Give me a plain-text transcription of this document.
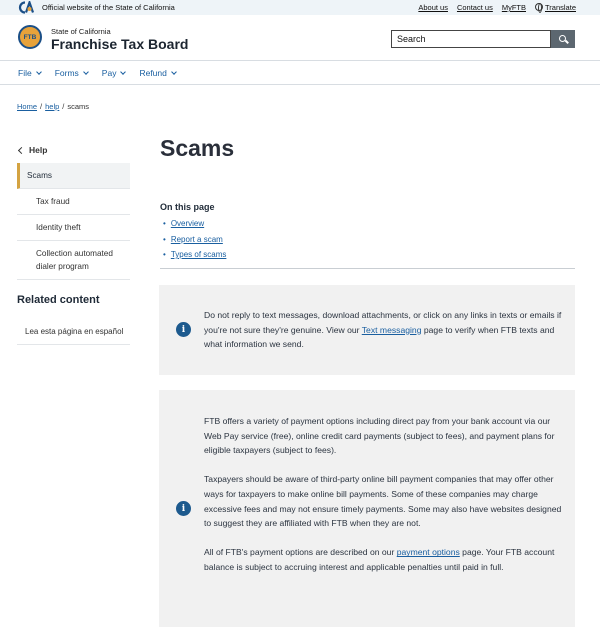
Official website of the State of California	About us Contact us MyFTB	Translate
FTB
State of California
Franchise Tax Board
Search
File	Forms	Pay	Refund
Home / help / scams
Help
Scams
Tax fraud
Identity theft
Collection automated dialer program
Related content
Lea esta página en español
Scams
On this page
• Overview
• Report a scam
• Types of scams
i
Do not reply to text messages, download attachments, or click on any links in texts or emails if you're not sure they're genuine. View our Text messaging page to verify when FTB texts and what information we send.
i

FTB offers a variety of payment options including direct pay from your bank account via our Web Pay service (free), online credit card payments (subject to fees), and payment plans for eligible taxpayers (subject to fees).

Taxpayers should be aware of third-party online bill payment companies that may offer other ways for taxpayers to make online bill payments. Some of these companies may charge excessive fees and may not ensure timely payments. Some may also have websites designed to suggest they are affiliated with FTB when they are not.

All of FTB's payment options are described on our payment options page. Your FTB account balance is subject to accruing interest and applicable penalties until paid in full.
